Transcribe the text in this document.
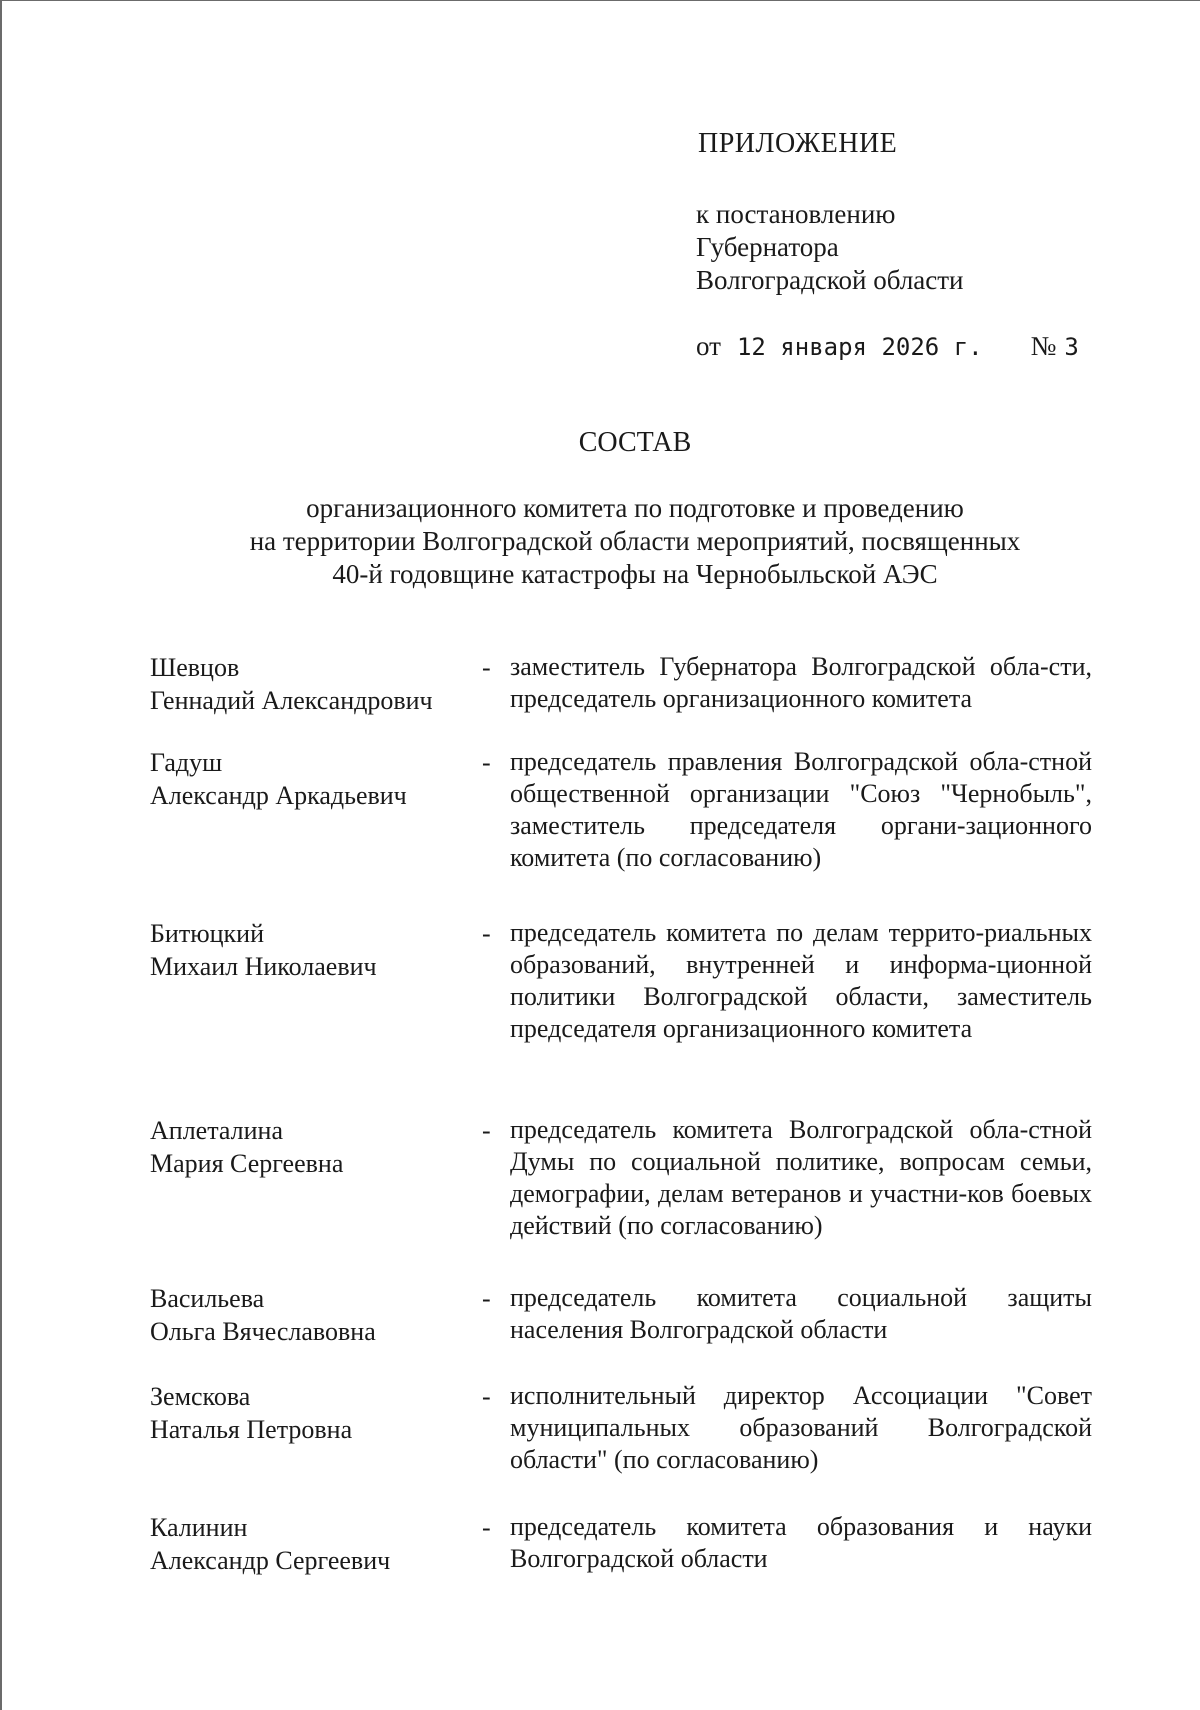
ПРИЛОЖЕНИЕ
к постановлению
Губернатора
Волгоградской области
от 12 января 2026 г. № 3
СОСТАВ
организационного комитета по подготовке и проведению
на территории Волгоградской области мероприятий, посвященных
40-й годовщине катастрофы на Чернобыльской АЭС
Шевцов
Геннадий Александрович
- заместитель Губернатора Волгоградской обла-сти, председатель организационного комитета
Гадуш
Александр Аркадьевич
- председатель правления Волгоградской обла-стной общественной организации "Союз "Чернобыль", заместитель председателя органи-зационного комитета (по согласованию)
Битюцкий
Михаил Николаевич
- председатель комитета по делам террито-риальных образований, внутренней и информа-ционной политики Волгоградской области, заместитель председателя организационного комитета
Аплеталина
Мария Сергеевна
- председатель комитета Волгоградской обла-стной Думы по социальной политике, вопросам семьи, демографии, делам ветеранов и участни-ков боевых действий (по согласованию)
Васильева
Ольга Вячеславовна
- председатель комитета социальной защиты населения Волгоградской области
Земскова
Наталья Петровна
- исполнительный директор Ассоциации "Совет муниципальных образований Волгоградской области" (по согласованию)
Калинин
Александр Сергеевич
- председатель комитета образования и науки Волгоградской области
